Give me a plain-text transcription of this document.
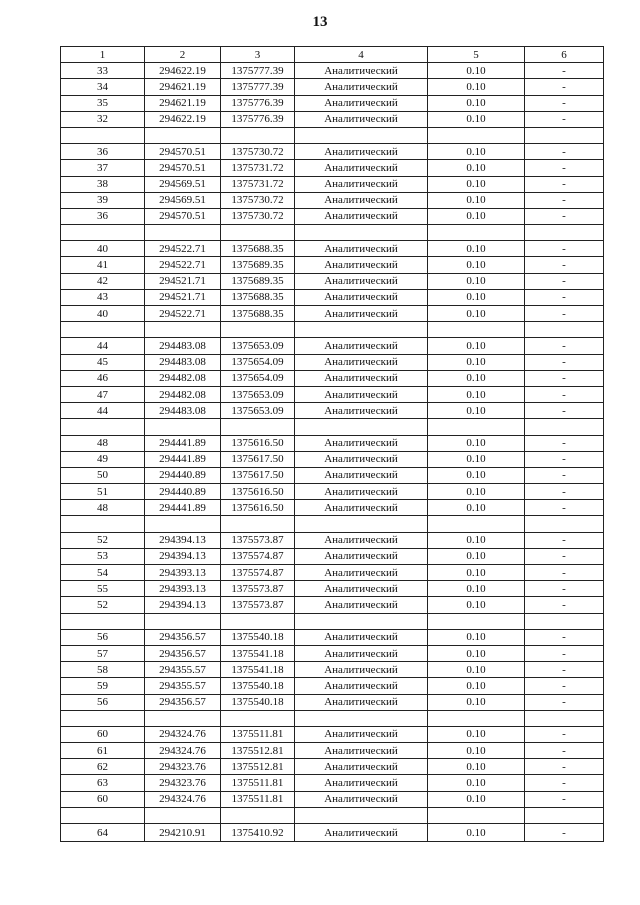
13
1	2	3	4	5	6
33	294622.19	1375777.39	Аналитический	0.10	-
34	294621.19	1375777.39	Аналитический	0.10	-
35	294621.19	1375776.39	Аналитический	0.10	-
32	294622.19	1375776.39	Аналитический	0.10	-

36	294570.51	1375730.72	Аналитический	0.10	-
37	294570.51	1375731.72	Аналитический	0.10	-
38	294569.51	1375731.72	Аналитический	0.10	-
39	294569.51	1375730.72	Аналитический	0.10	-
36	294570.51	1375730.72	Аналитический	0.10	-

40	294522.71	1375688.35	Аналитический	0.10	-
41	294522.71	1375689.35	Аналитический	0.10	-
42	294521.71	1375689.35	Аналитический	0.10	-
43	294521.71	1375688.35	Аналитический	0.10	-
40	294522.71	1375688.35	Аналитический	0.10	-

44	294483.08	1375653.09	Аналитический	0.10	-
45	294483.08	1375654.09	Аналитический	0.10	-
46	294482.08	1375654.09	Аналитический	0.10	-
47	294482.08	1375653.09	Аналитический	0.10	-
44	294483.08	1375653.09	Аналитический	0.10	-

48	294441.89	1375616.50	Аналитический	0.10	-
49	294441.89	1375617.50	Аналитический	0.10	-
50	294440.89	1375617.50	Аналитический	0.10	-
51	294440.89	1375616.50	Аналитический	0.10	-
48	294441.89	1375616.50	Аналитический	0.10	-

52	294394.13	1375573.87	Аналитический	0.10	-
53	294394.13	1375574.87	Аналитический	0.10	-
54	294393.13	1375574.87	Аналитический	0.10	-
55	294393.13	1375573.87	Аналитический	0.10	-
52	294394.13	1375573.87	Аналитический	0.10	-

56	294356.57	1375540.18	Аналитический	0.10	-
57	294356.57	1375541.18	Аналитический	0.10	-
58	294355.57	1375541.18	Аналитический	0.10	-
59	294355.57	1375540.18	Аналитический	0.10	-
56	294356.57	1375540.18	Аналитический	0.10	-

60	294324.76	1375511.81	Аналитический	0.10	-
61	294324.76	1375512.81	Аналитический	0.10	-
62	294323.76	1375512.81	Аналитический	0.10	-
63	294323.76	1375511.81	Аналитический	0.10	-
60	294324.76	1375511.81	Аналитический	0.10	-

64	294210.91	1375410.92	Аналитический	0.10	-
